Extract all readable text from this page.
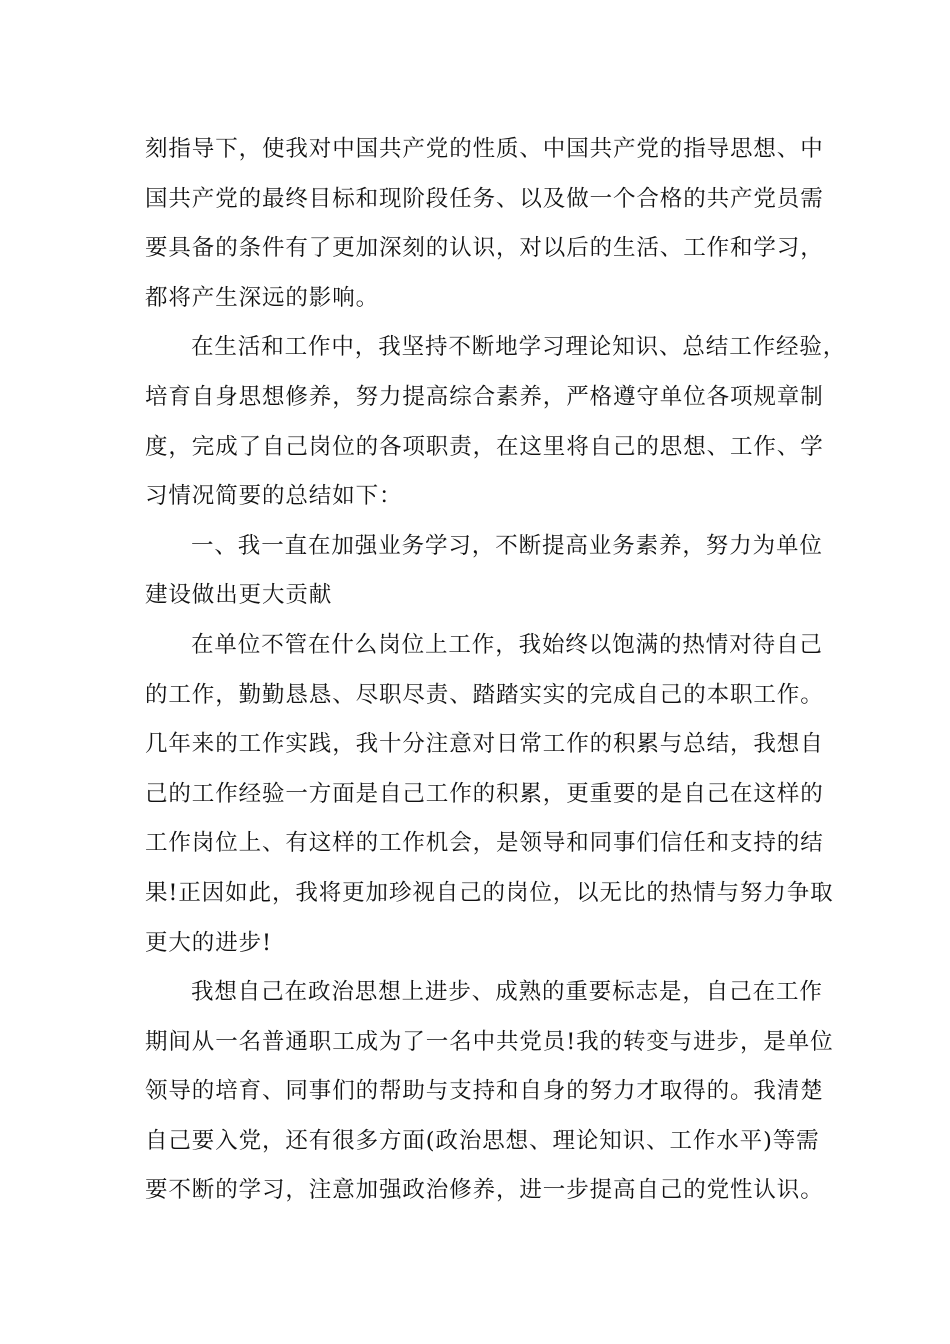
刻指导下，使我对中国共产党的性质、中国共产党的指导思想、中
国共产党的最终目标和现阶段任务、以及做一个合格的共产党员需
要具备的条件有了更加深刻的认识，对以后的生活、工作和学习，
都将产生深远的影响。
在生活和工作中，我坚持不断地学习理论知识、总结工作经验，
培育自身思想修养，努力提高综合素养，严格遵守单位各项规章制
度，完成了自己岗位的各项职责，在这里将自己的思想、工作、学
习情况简要的总结如下：
一、我一直在加强业务学习，不断提高业务素养，努力为单位
建设做出更大贡献
在单位不管在什么岗位上工作，我始终以饱满的热情对待自己
的工作，勤勤恳恳、尽职尽责、踏踏实实的完成自己的本职工作。
几年来的工作实践，我十分注意对日常工作的积累与总结，我想自
己的工作经验一方面是自己工作的积累，更重要的是自己在这样的
工作岗位上、有这样的工作机会，是领导和同事们信任和支持的结
果!正因如此，我将更加珍视自己的岗位，以无比的热情与努力争取
更大的进步!
我想自己在政治思想上进步、成熟的重要标志是，自己在工作
期间从一名普通职工成为了一名中共党员!我的转变与进步，是单位
领导的培育、同事们的帮助与支持和自身的努力才取得的。我清楚
自己要入党，还有很多方面(政治思想、理论知识、工作水平)等需
要不断的学习，注意加强政治修养，进一步提高自己的党性认识。
